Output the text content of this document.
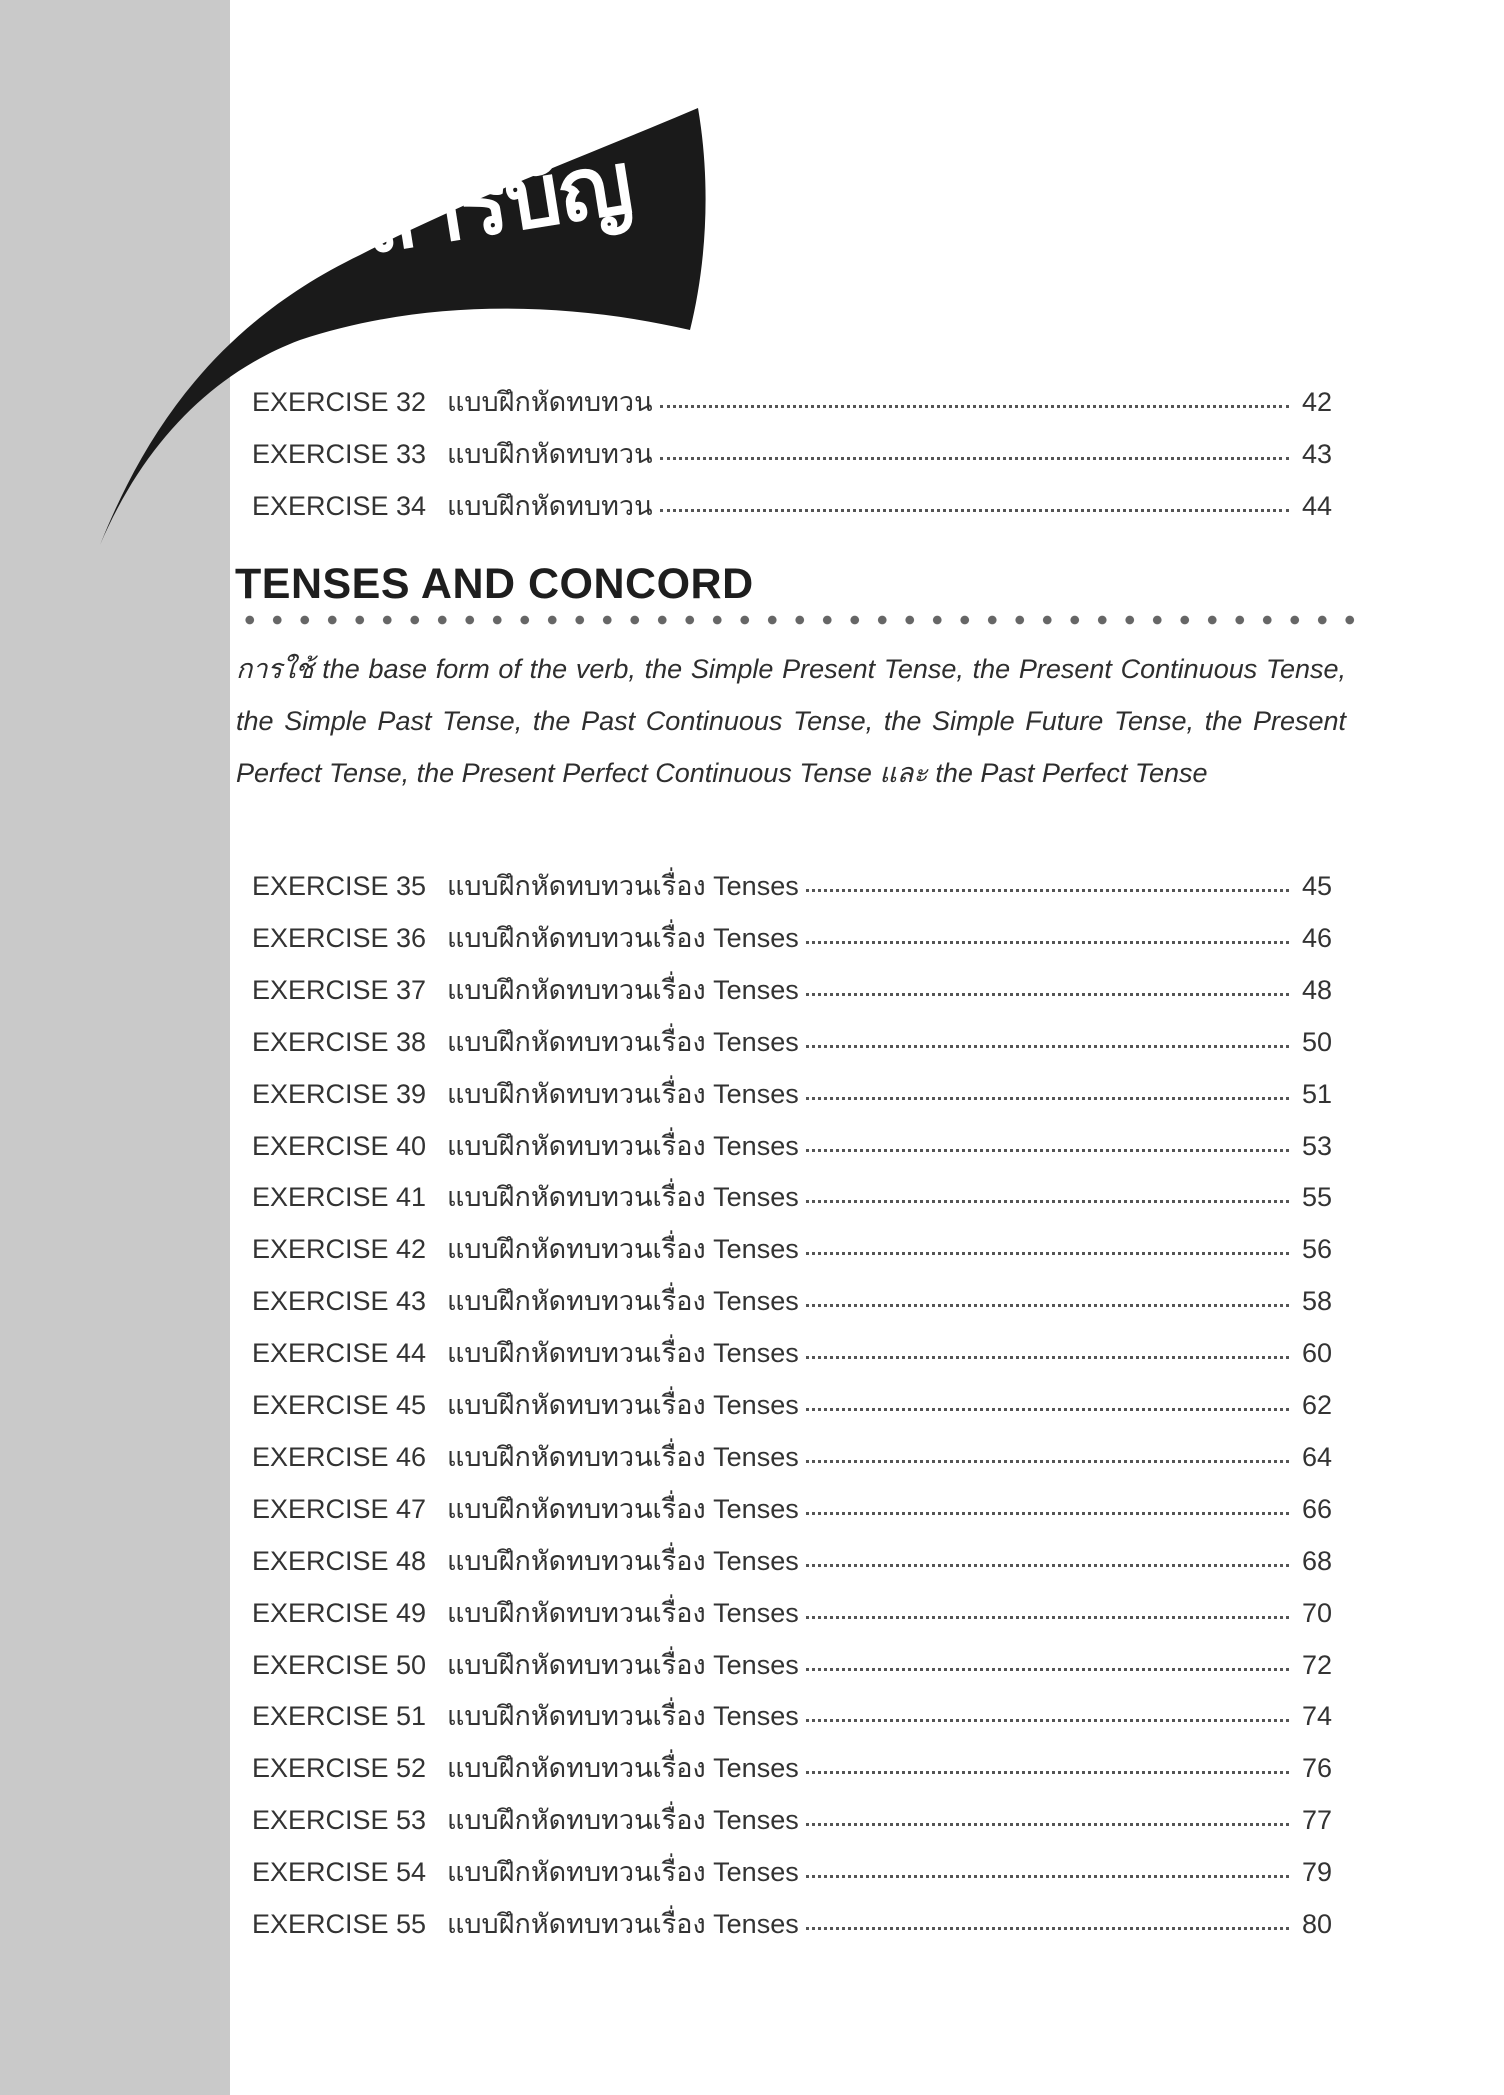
สารบัญ
EXERCISE 32 แบบฝึกหัดทบทวน	42
EXERCISE 33 แบบฝึกหัดทบทวน	43
EXERCISE 34 แบบฝึกหัดทบทวน	44
TENSES AND CONCORD

การใช้ the base form of the verb, the Simple Present Tense, the Present Continuous Tense, the Simple Past Tense, the Past Continuous Tense, the Simple Future Tense, the Present Perfect Tense, the Present Perfect Continuous Tense และ the Past Perfect Tense

EXERCISE 35 แบบฝึกหัดทบทวนเรื่อง Tenses	45
EXERCISE 36 แบบฝึกหัดทบทวนเรื่อง Tenses	46
EXERCISE 37 แบบฝึกหัดทบทวนเรื่อง Tenses	48
EXERCISE 38 แบบฝึกหัดทบทวนเรื่อง Tenses	50
EXERCISE 39 แบบฝึกหัดทบทวนเรื่อง Tenses	51
EXERCISE 40 แบบฝึกหัดทบทวนเรื่อง Tenses	53
EXERCISE 41 แบบฝึกหัดทบทวนเรื่อง Tenses	55
EXERCISE 42 แบบฝึกหัดทบทวนเรื่อง Tenses	56
EXERCISE 43 แบบฝึกหัดทบทวนเรื่อง Tenses	58
EXERCISE 44 แบบฝึกหัดทบทวนเรื่อง Tenses	60
EXERCISE 45 แบบฝึกหัดทบทวนเรื่อง Tenses	62
EXERCISE 46 แบบฝึกหัดทบทวนเรื่อง Tenses	64
EXERCISE 47 แบบฝึกหัดทบทวนเรื่อง Tenses	66
EXERCISE 48 แบบฝึกหัดทบทวนเรื่อง Tenses	68
EXERCISE 49 แบบฝึกหัดทบทวนเรื่อง Tenses	70
EXERCISE 50 แบบฝึกหัดทบทวนเรื่อง Tenses	72
EXERCISE 51 แบบฝึกหัดทบทวนเรื่อง Tenses	74
EXERCISE 52 แบบฝึกหัดทบทวนเรื่อง Tenses	76
EXERCISE 53 แบบฝึกหัดทบทวนเรื่อง Tenses	77
EXERCISE 54 แบบฝึกหัดทบทวนเรื่อง Tenses	79
EXERCISE 55 แบบฝึกหัดทบทวนเรื่อง Tenses	80
